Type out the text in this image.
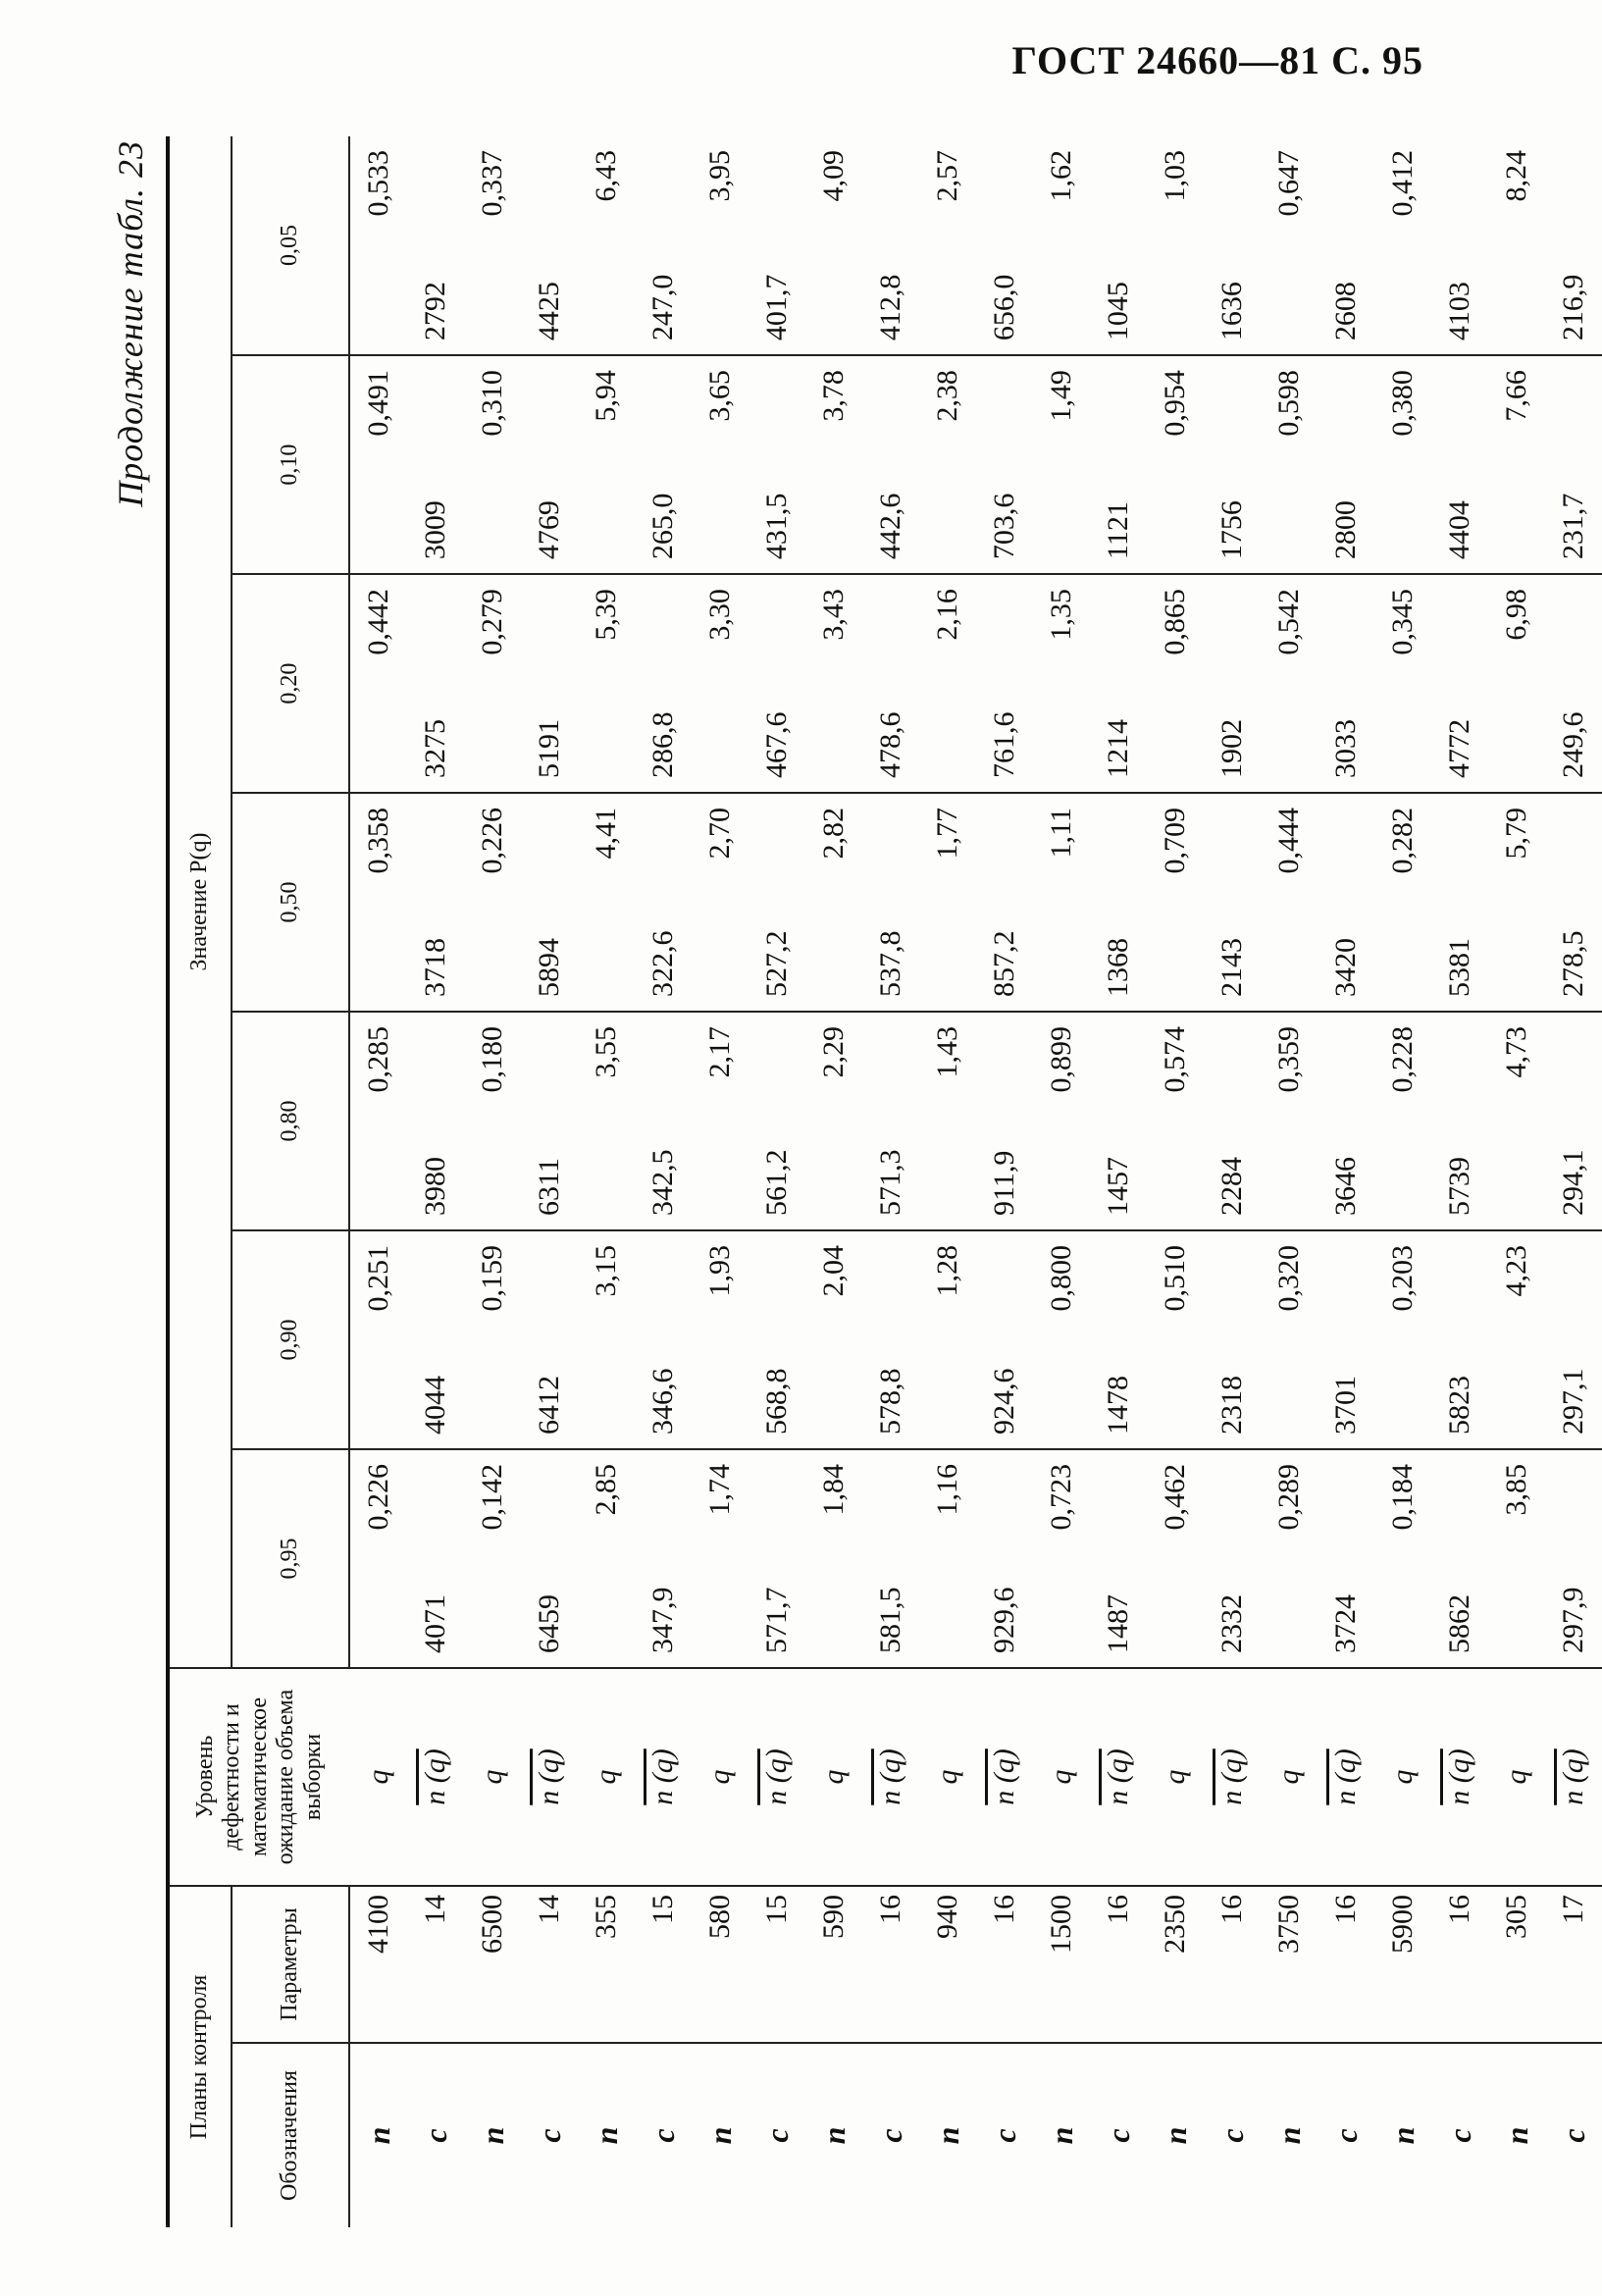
ГОСТ 24660—81 С. 95
Продолжение табл. 23
Планы контроля		Уровень дефектности и математическое ожидание объема выборки	Значение P(q)						
Обозначения	Параметры		0,95	0,90	0,80	0,50	0,20	0,10	0,05
n	4100	q	0,226	0,251	0,285	0,358	0,442	0,491	0,533
c	14	n (q)	4071	4044	3980	3718	3275	3009	2792
n	6500	q	0,142	0,159	0,180	0,226	0,279	0,310	0,337
c	14	n (q)	6459	6412	6311	5894	5191	4769	4425
n	355	q	2,85	3,15	3,55	4,41	5,39	5,94	6,43
c	15	n (q)	347,9	346,6	342,5	322,6	286,8	265,0	247,0
n	580	q	1,74	1,93	2,17	2,70	3,30	3,65	3,95
c	15	n (q)	571,7	568,8	561,2	527,2	467,6	431,5	401,7
n	590	q	1,84	2,04	2,29	2,82	3,43	3,78	4,09
c	16	n (q)	581,5	578,8	571,3	537,8	478,6	442,6	412,8
n	940	q	1,16	1,28	1,43	1,77	2,16	2,38	2,57
c	16	n (q)	929,6	924,6	911,9	857,2	761,6	703,6	656,0
n	1500	q	0,723	0,800	0,899	1,11	1,35	1,49	1,62
c	16	n (q)	1487	1478	1457	1368	1214	1121	1045
n	2350	q	0,462	0,510	0,574	0,709	0,865	0,954	1,03
c	16	n (q)	2332	2318	2284	2143	1902	1756	1636
n	3750	q	0,289	0,320	0,359	0,444	0,542	0,598	0,647
c	16	n (q)	3724	3701	3646	3420	3033	2800	2608
n	5900	q	0,184	0,203	0,228	0,282	0,345	0,380	0,412
c	16	n (q)	5862	5823	5739	5381	4772	4404	4103
n	305	q	3,85	4,23	4,73	5,79	6,98	7,66	8,24
c	17	n (q)	297,9	297,1	294,1	278,5	249,6	231,7	216,9
